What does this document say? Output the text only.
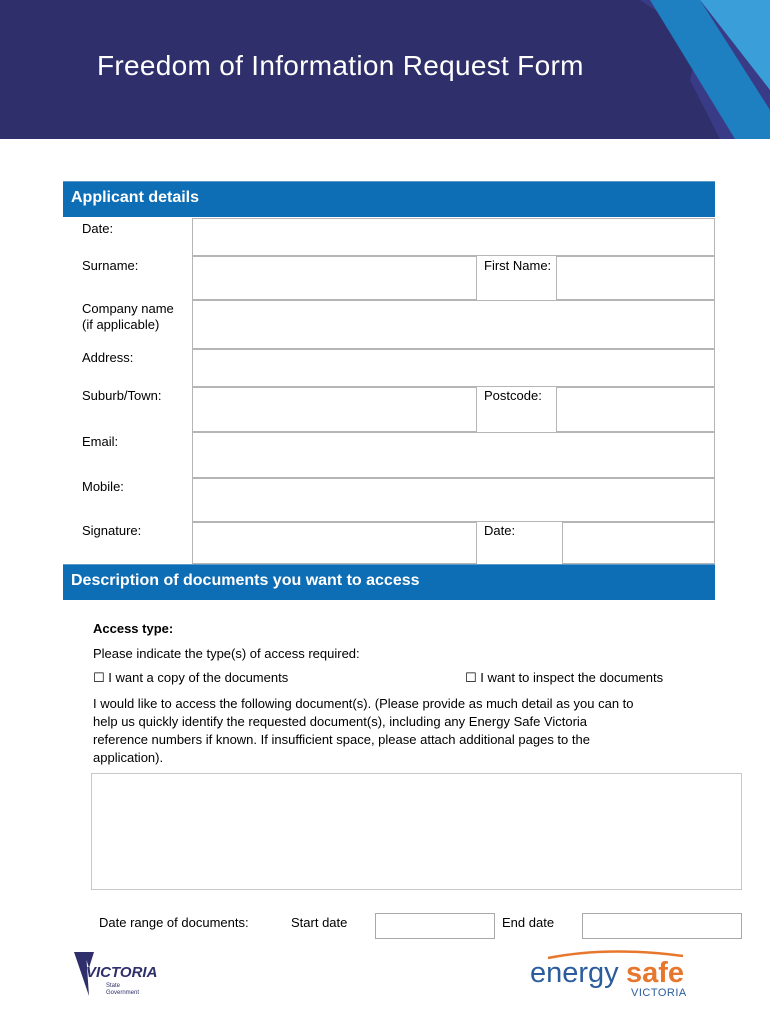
Freedom of Information Request Form
Applicant details
Date:
Surname:	First Name:
Company name
(if applicable)
Address:
Suburb/Town:	Postcode:
Email:
Mobile:
Signature:	Date:
Description of documents you want to access
Access type:
Please indicate the type(s) of access required:
☐ I want a copy of the documents	☐ I want to inspect the documents
I would like to access the following document(s). (Please provide as much detail as you can to
help us quickly identify the requested document(s), including any Energy Safe Victoria
reference numbers if known. If insufficient space, please attach additional pages to the
application).
Date range of documents:	Start date	End date
VICTORIA
State
Government
energy safe
VICTORIA
